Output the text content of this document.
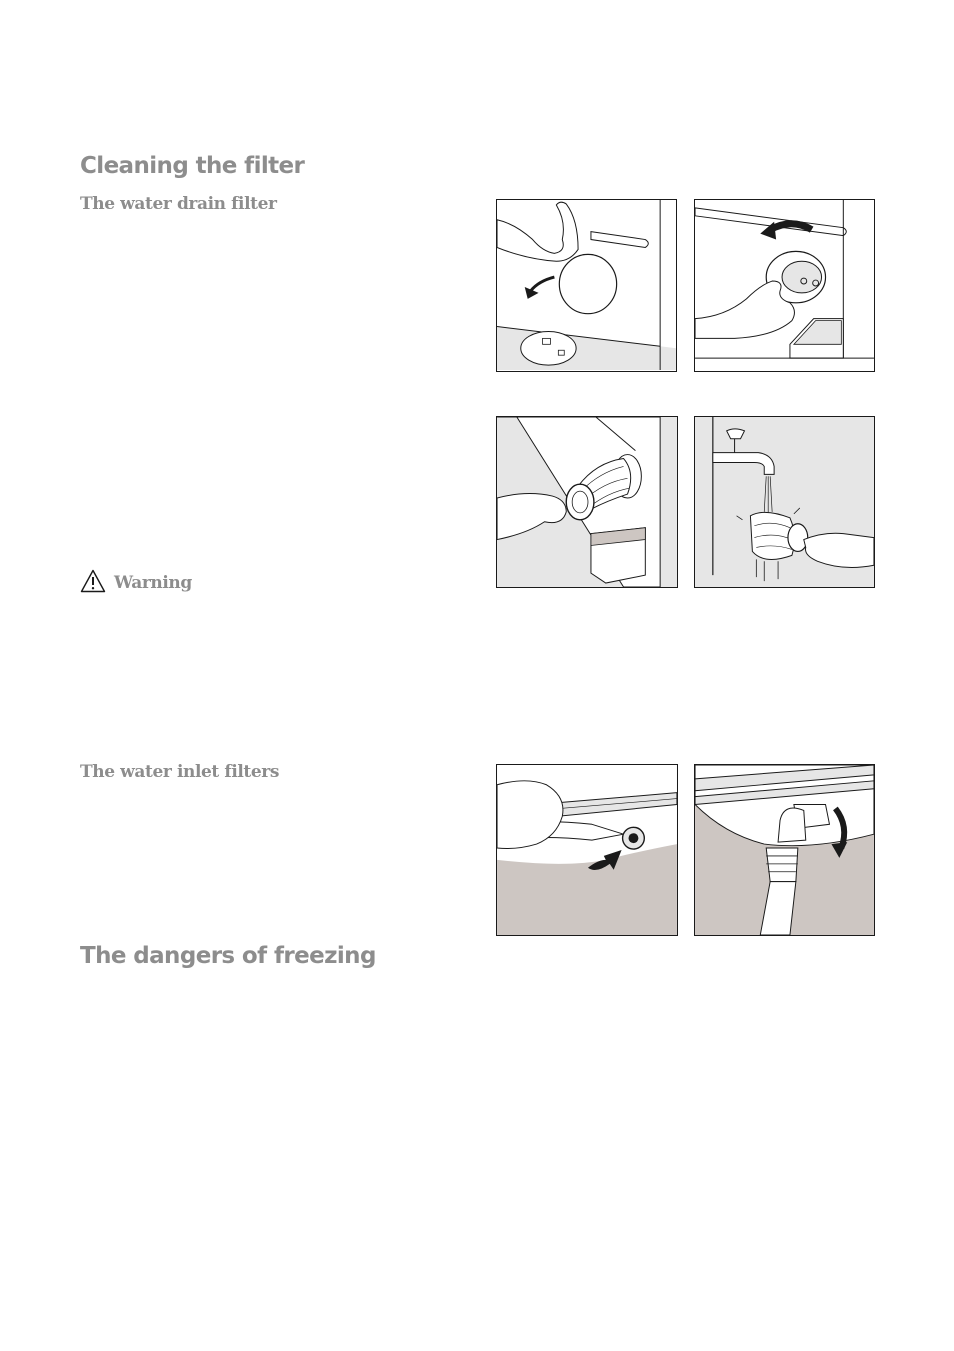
Cleaning the filter
The water drain filter
Warning
The water inlet filters
The dangers of freezing
